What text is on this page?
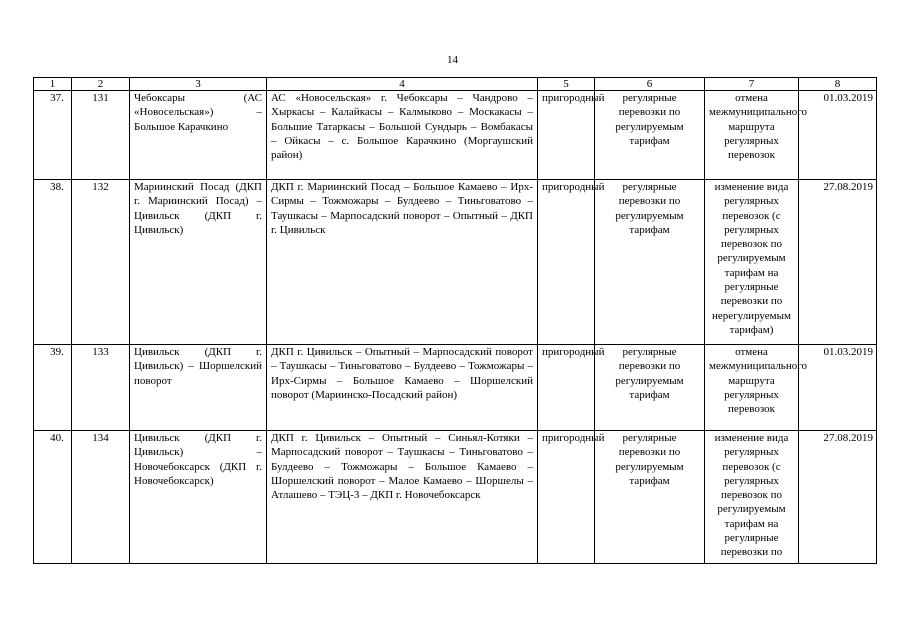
14
1	2	3	4	5	6	7	8
37.	131	Чебоксары (АС «Новосельская») – Большое Карачкино	АС «Новосельская» г. Чебоксары – Чандрово – Хыркасы – Калайкасы – Калмыково – Москакасы – Большие Татаркасы – Большой Сундырь – Вомбакасы – Ойкасы – с. Большое Карачкино (Моргаушский район)	пригородный	регулярные перевозки по регулируемым тарифам	отмена межмуниципального маршрута регулярных перевозок	01.03.2019
38.	132	Мариинский Посад (ДКП г. Мариинский Посад) – Цивильск (ДКП г. Цивильск)	ДКП г. Мариинский Посад – Большое Камаево – Ирх-Сирмы – Тожможары – Булдеево – Тиньговатово – Таушкасы – Марпосадский поворот – Опытный – ДКП г. Цивильск	пригородный	регулярные перевозки по регулируемым тарифам	изменение вида регулярных перевозок (с регулярных перевозок по регулируемым тарифам на регулярные перевозки по нерегулируемым тарифам)	27.08.2019
39.	133	Цивильск (ДКП г. Цивильск) – Шоршелский поворот	ДКП г. Цивильск – Опытный – Марпосадский поворот – Таушкасы – Тиньговатово – Булдеево – Тожможары – Ирх-Сирмы – Большое Камаево – Шоршелский поворот (Мариинско-Посадский район)	пригородный	регулярные перевозки по регулируемым тарифам	отмена межмуниципального маршрута регулярных перевозок	01.03.2019
40.	134	Цивильск (ДКП г. Цивильск) – Новочебоксарск (ДКП г. Новочебоксарск)	ДКП г. Цивильск – Опытный – Синьял-Котяки – Марпосадский поворот – Таушкасы – Тиньговатово – Булдеево – Тожможары – Большое Камаево – Шоршелский поворот – Малое Камаево – Шоршелы – Атлашево – ТЭЦ-3 – ДКП г. Новочебоксарск	пригородный	регулярные перевозки по регулируемым тарифам	изменение вида регулярных перевозок (с регулярных перевозок по регулируемым тарифам на регулярные перевозки по	27.08.2019
